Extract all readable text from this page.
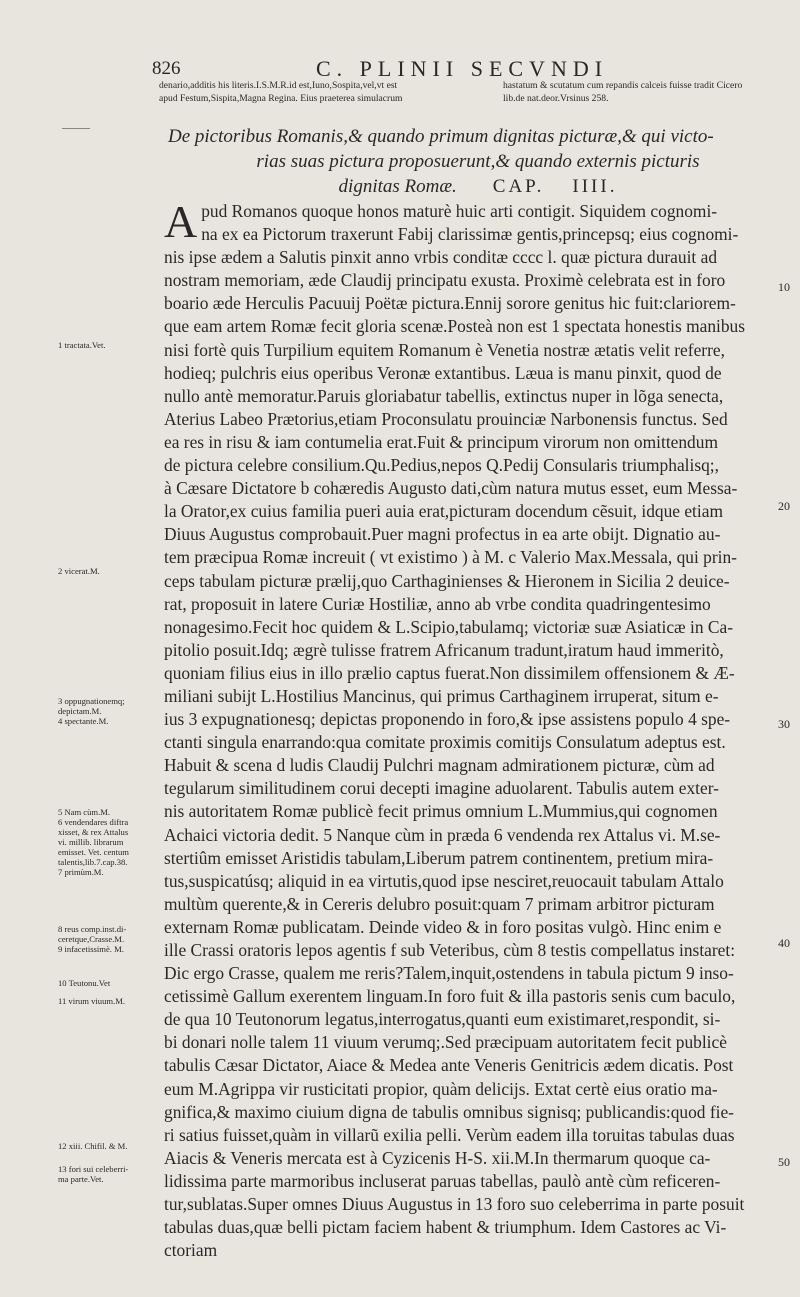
826	C. PLINII SECVNDI
denario,additis his literis.I.S.M.R.id est,Iuno,Sospita,vel,vt est
apud Festum,Sispita,Magna Regina. Eius praeterea simulacrum
hastatum & scutatum cum repandis calceis fuisse tradit Cicero
lib.de nat.deor.Vrsinus 258.
De pictoribus Romanis,& quando primum dignitas picturæ,& qui victo-
rias suas pictura proposuerunt,& quando externis picturis
dignitas Romæ. CAP. IIII.
A pud Romanos quoque honos maturè huic arti contigit. Siquidem cognomi-
na ex ea Pictorum traxerunt Fabij clarissimæ gentis,princepsq; eius cognomi-
nis ipse ædem a Salutis pinxit anno vrbis conditæ cccc l. quæ pictura durauit ad
nostram memoriam, æde Claudij principatu exusta. Proximè celebrata est in foro
boario æde Herculis Pacuuij Poëtæ pictura.Ennij sorore genitus hic fuit:clariorem-
que eam artem Romæ fecit gloria scenæ.Posteà non est 1 spectata honestis manibus
nisi fortè quis Turpilium equitem Romanum è Venetia nostræ ætatis velit referre,
hodieq; pulchris eius operibus Veronæ extantibus. Læua is manu pinxit, quod de
nullo antè memoratur.Paruis gloriabatur tabellis, extinctus nuper in lõga senecta,
Aterius Labeo Prætorius,etiam Proconsulatu prouinciæ Narbonensis functus. Sed
ea res in risu & iam contumelia erat.Fuit & principum virorum non omittendum
de pictura celebre consilium.Qu.Pedius,nepos Q.Pedij Consularis triumphalisq;,
à Cæsare Dictatore b cohæredis Augusto dati,cùm natura mutus esset, eum Messa-
la Orator,ex cuius familia pueri auia erat,picturam docendum cẽsuit, idque etiam
Diuus Augustus comprobauit.Puer magni profectus in ea arte obijt. Dignatio au-
tem præcipua Romæ increuit ( vt existimo ) à M. c Valerio Max.Messala, qui prin-
ceps tabulam picturæ prælij,quo Carthaginienses & Hieronem in Sicilia 2 deuice-
rat, proposuit in latere Curiæ Hostiliæ, anno ab vrbe condita quadringentesimo
nonagesimo.Fecit hoc quidem & L.Scipio,tabulamq; victoriæ suæ Asiaticæ in Ca-
pitolio posuit.Idq; ægrè tulisse fratrem Africanum tradunt,iratum haud immeritò,
quoniam filius eius in illo prælio captus fuerat.Non dissimilem offensionem & Æ-
miliani subijt L.Hostilius Mancinus, qui primus Carthaginem irruperat, situm e-
ius 3 expugnationesq; depictas proponendo in foro,& ipse assistens populo 4 spe-
ctanti singula enarrando:qua comitate proximis comitijs Consulatum adeptus est.
Habuit & scena d ludis Claudij Pulchri magnam admirationem picturæ, cùm ad
tegularum similitudinem corui decepti imagine aduolarent. Tabulis autem exter-
nis autoritatem Romæ publicè fecit primus omnium L.Mummius,qui cognomen
Achaici victoria dedit. 5 Nanque cùm in præda 6 vendenda rex Attalus vi. M.se-
stertiûm emisset Aristidis tabulam,Liberum patrem continentem, pretium mira-
tus,suspicatúsq; aliquid in ea virtutis,quod ipse nesciret,reuocauit tabulam Attalo
multùm querente,& in Cereris delubro posuit:quam 7 primam arbitror picturam
externam Romæ publicatam. Deinde video & in foro positas vulgò. Hinc enim e
ille Crassi oratoris lepos agentis f sub Veteribus, cùm 8 testis compellatus instaret:
Dic ergo Crasse, qualem me reris?Talem,inquit,ostendens in tabula pictum 9 inso-
cetissimè Gallum exerentem linguam.In foro fuit & illa pastoris senis cum baculo,
de qua 10 Teutonorum legatus,interrogatus,quanti eum existimaret,respondit, si-
bi donari nolle talem 11 viuum verumq;.Sed præcipuam autoritatem fecit publicè
tabulis Cæsar Dictator, Aiace & Medea ante Veneris Genitricis ædem dicatis. Post
eum M.Agrippa vir rusticitati propior, quàm delicijs. Extat certè eius oratio ma-
gnifica,& maximo ciuium digna de tabulis omnibus signisq; publicandis:quod fie-
ri satius fuisset,quàm in villarũ exilia pelli. Verùm eadem illa toruitas tabulas duas
Aiacis & Veneris mercata est à Cyzicenis H-S. xii.M.In thermarum quoque ca-
lidissima parte marmoribus incluserat paruas tabellas, paulò antè cùm reficeren-
tur,sublatas.Super omnes Diuus Augustus in 13 foro suo celeberrima in parte posuit
tabulas duas,quæ belli pictam faciem habent & triumphum. Idem Castores ac Vi-
ctoriam
1 tractata.Vet.
2 vicerat.M.
3 oppugnationemq;
depictam.M.
4 spectante.M.
5 Nam cùm.M.
6 vendendares diftra
xisset, & rex Attalus
vi. millib. librarum
emisset. Vet. centum
talentis,lib.7.cap.38.
7 primùm.M.
8 reus comp.inst.di-
ceretque,Crasse.M.
9 infacetissimè. M.
10 Teutonu.Vet
11 virum viuum.M.
12 xiii. Chifil. & M.
13 fori sui celeberri-
ma parte.Vet.
10
20
30
40
50
